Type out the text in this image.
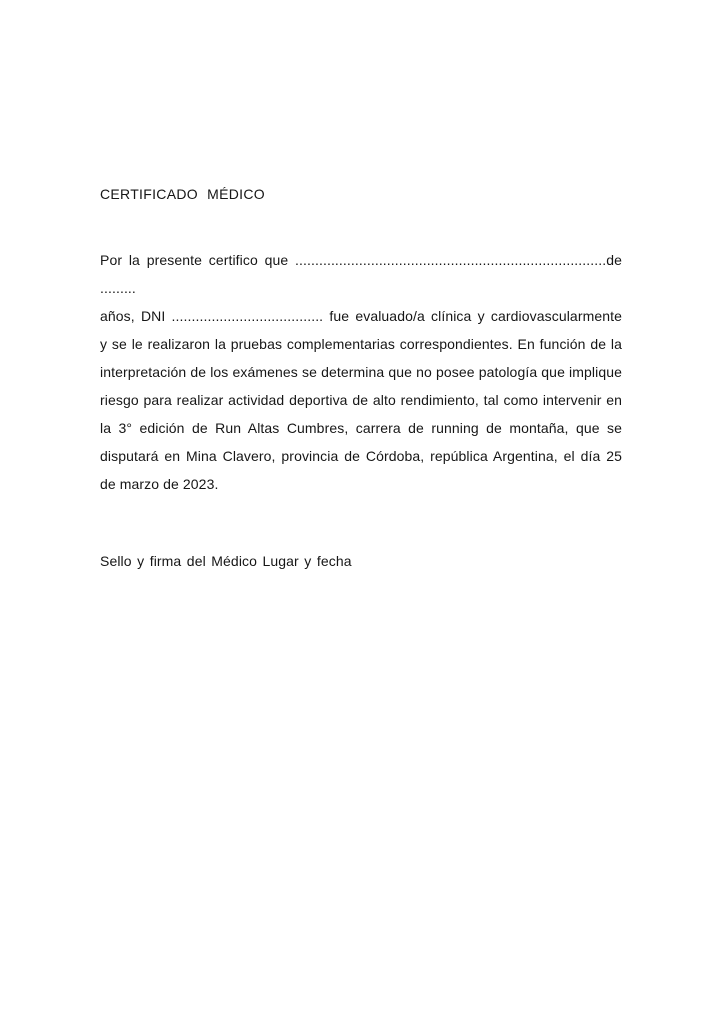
CERTIFICADO MÉDICO
Por la presente certifico que ..............................................................................de .........
años, DNI ...................................... fue evaluado/a clínica y cardiovascularmente
y se le realizaron la pruebas complementarias correspondientes. En función de la
interpretación de los exámenes se determina que no posee patología que implique
riesgo para realizar actividad deportiva de alto rendimiento, tal como intervenir en
la 3° edición de Run Altas Cumbres, carrera de running de montaña, que se
disputará en Mina Clavero, provincia de Córdoba, república Argentina, el día 25
de marzo de 2023.
Sello y firma del Médico Lugar y fecha
